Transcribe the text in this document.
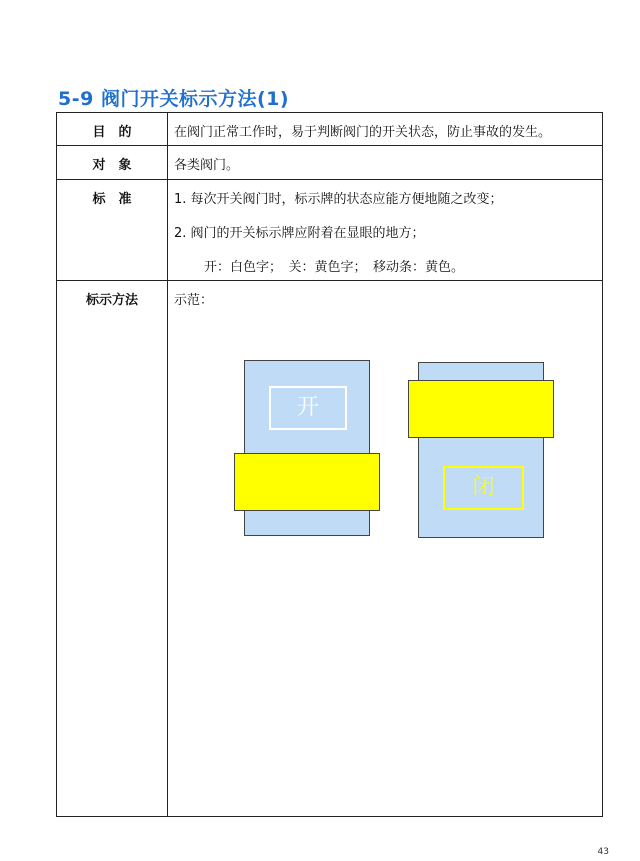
5-9 阀门开关标示方法(1)
目　的	在阀门正常工作时，易于判断阀门的开关状态，防止事故的发生。
对　象	各类阀门。
标　准	1. 每次开关阀门时，标示牌的状态应能方便地随之改变；
2. 阀门的开关标示牌应附着在显眼的地方；
开：白色字；　关：黄色字；　移动条：黄色。
标示方法	示范：
开
闭
43
